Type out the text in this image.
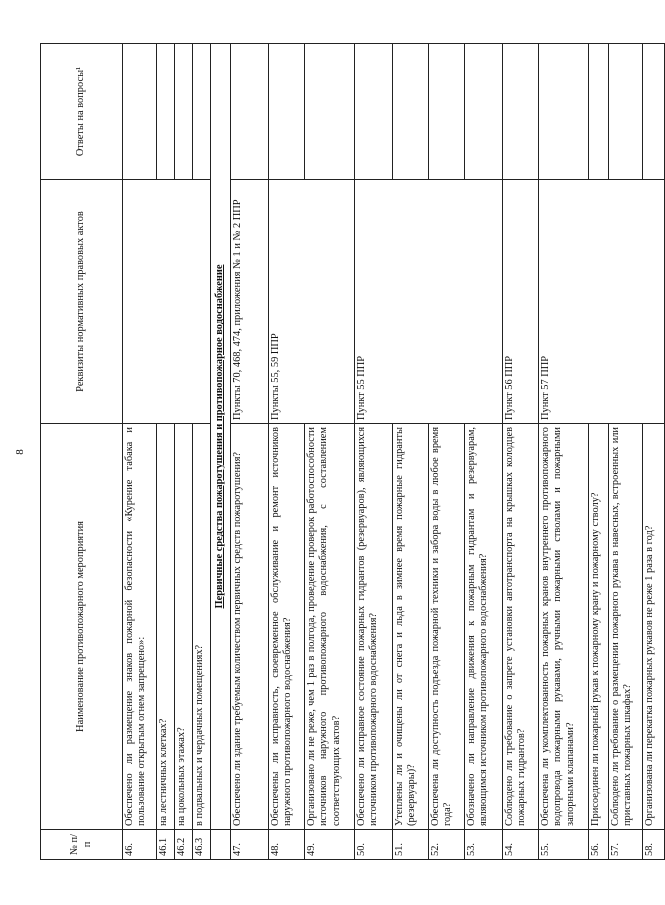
8
№ п/п	Наименование противопожарного мероприятия	Реквизиты нормативных правовых актов	Ответы на вопросы¹
46.	Обеспечено ли размещение знаков пожарной безопасности «Курение табака и пользование открытым огнем запрещено»:		
46.1	на лестничных клетках?		
46.2	на цокольных этажах?		
46.3	в подвальных и чердачных помещениях?		
	Первичные средства пожаротушения и противопожарное водоснабжение		
47.	Обеспечено ли здание требуемым количеством первичных средств пожаротушения?	Пункты 70, 468, 474, приложения № 1 и № 2 ППР	
48.	Обеспечены ли исправность, своевременное обслуживание и ремонт источников наружного противопожарного водоснабжения?	Пункты 55, 59 ППР	
49.	Организовано ли не реже, чем 1 раз в полгода, проведение проверок работоспособности источников наружного противопожарного водоснабжения, с составлением соответствующих актов?		
50.	Обеспечено ли исправное состояние пожарных гидрантов (резервуаров), являющихся источником противопожарного водоснабжения?	Пункт 55 ППР	
51.	Утеплены ли и очищены ли от снега и льда в зимнее время пожарные гидранты (резервуары)?		
52.	Обеспечена ли доступность подъезда пожарной техники и забора воды в любое время года?		
53.	Обозначено ли направление движения к пожарным гидрантам и резервуарам, являющимся источником противопожарного водоснабжения?		
54.	Соблюдено ли требование о запрете установки автотранспорта на крышках колодцев пожарных гидрантов?	Пункт 56 ППР	
55.	Обеспечена ли укомплектованность пожарных кранов внутреннего противопожарного водопровода пожарными рукавами, ручными пожарными стволами и пожарными запорными клапанами?	Пункт 57 ППР	
56.	Присоединен ли пожарный рукав к пожарному крану и пожарному стволу?		
57.	Соблюдено ли требование о размещении пожарного рукава в навесных, встроенных или приставных пожарных шкафах?		
58.	Организована ли перекатка пожарных рукавов не реже 1 раза в год?		
